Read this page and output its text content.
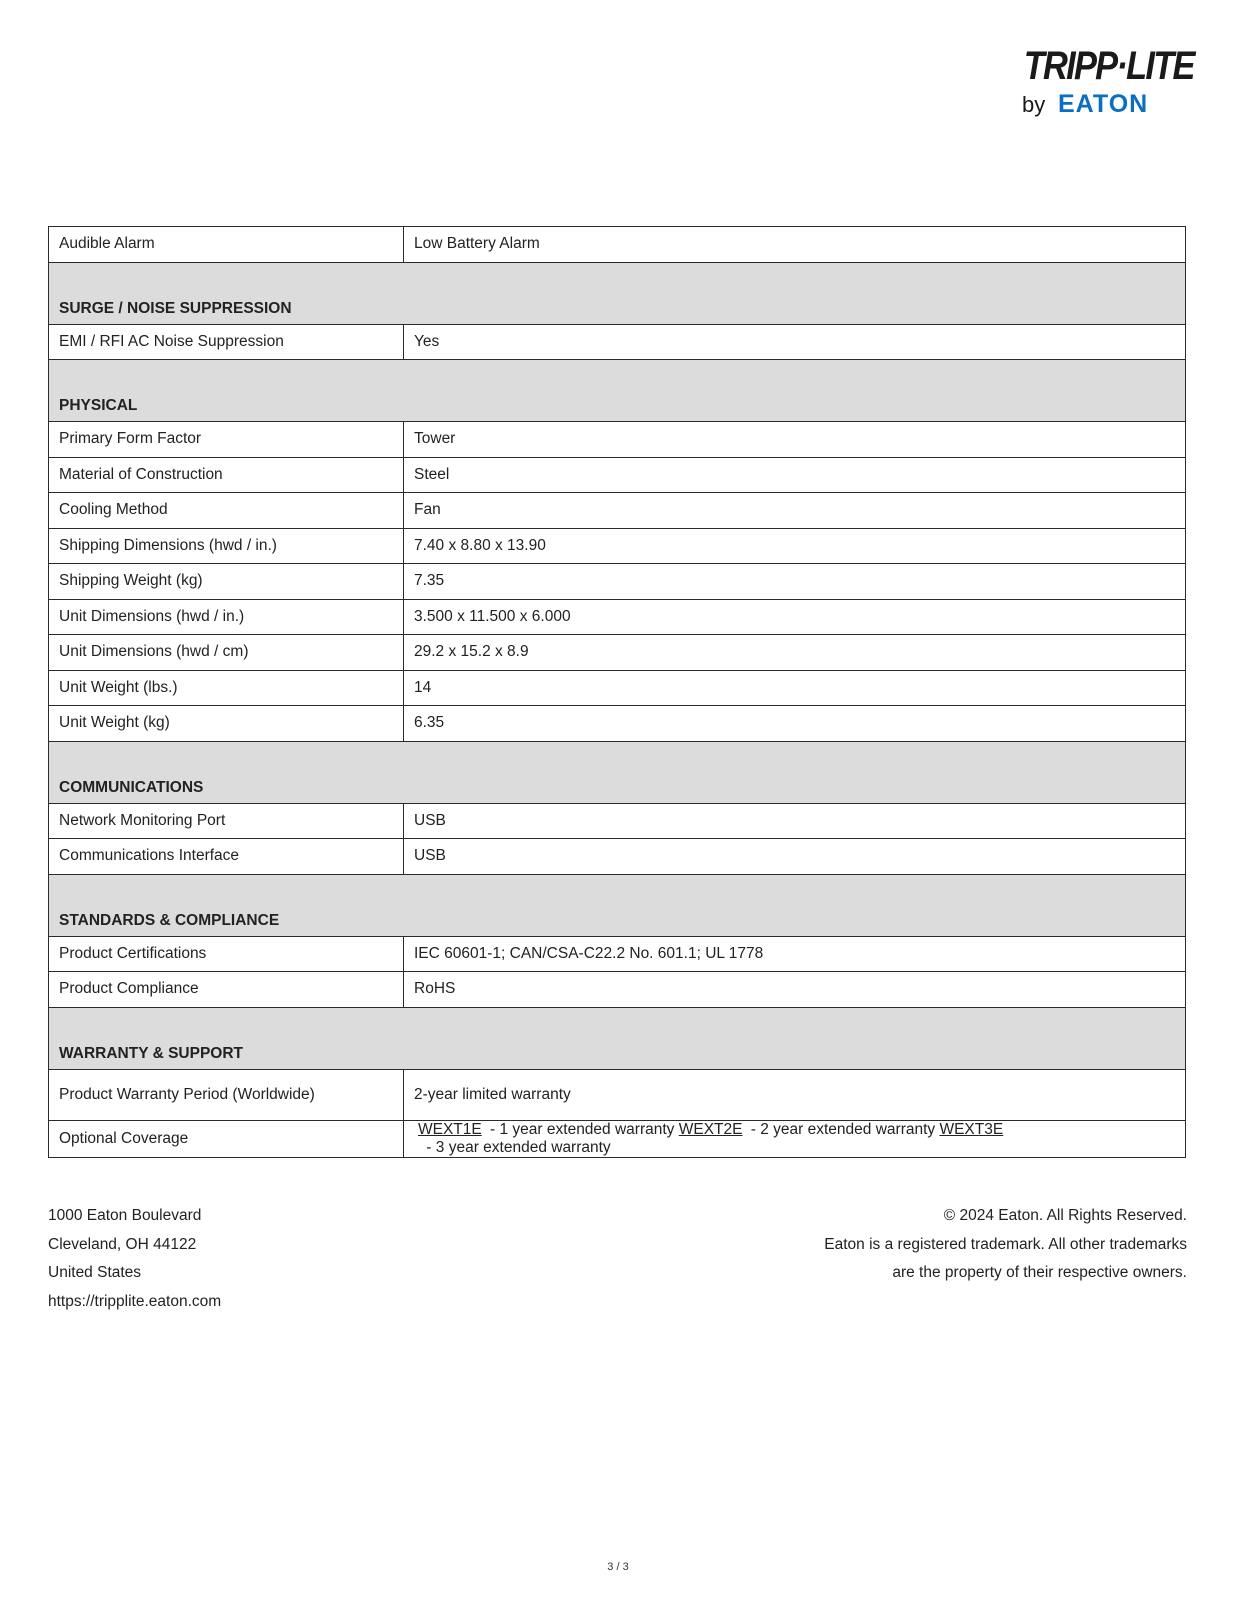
TRIPP·LITE
by EATON
Audible Alarm	Low Battery Alarm
SURGE / NOISE SUPPRESSION	
EMI / RFI AC Noise Suppression	Yes
PHYSICAL	
Primary Form Factor	Tower
Material of Construction	Steel
Cooling Method	Fan
Shipping Dimensions (hwd / in.)	7.40 x 8.80 x 13.90
Shipping Weight (kg)	7.35
Unit Dimensions (hwd / in.)	3.500 x 11.500 x 6.000
Unit Dimensions (hwd / cm)	29.2 x 15.2 x 8.9
Unit Weight (lbs.)	14
Unit Weight (kg)	6.35
COMMUNICATIONS	
Network Monitoring Port	USB
Communications Interface	USB
STANDARDS & COMPLIANCE	
Product Certifications	IEC 60601-1; CAN/CSA-C22.2 No. 601.1; UL 1778
Product Compliance	RoHS
WARRANTY & SUPPORT	
Product Warranty Period (Worldwide)	2-year limited warranty
Optional Coverage	WEXT1E - 1 year extended warranty WEXT2E - 2 year extended warranty WEXT3E - 3 year extended warranty
1000 Eaton Boulevard
Cleveland, OH 44122
United States
https://tripplite.eaton.com
© 2024 Eaton. All Rights Reserved.
Eaton is a registered trademark. All other trademarks
are the property of their respective owners.
3 / 3
